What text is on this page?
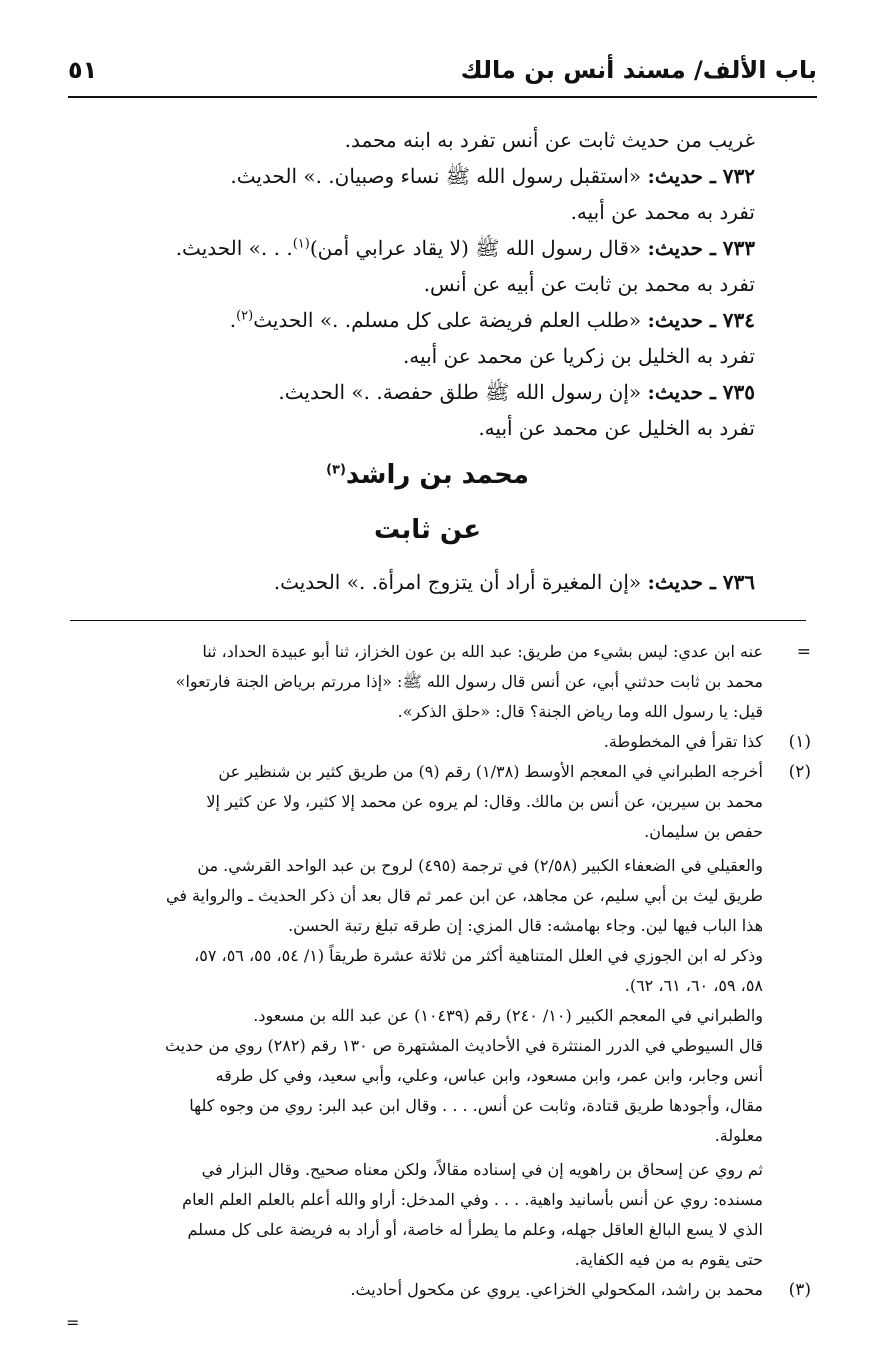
باب الألف/ مسند أنس بن مالك
٥١
غريب من حديث ثابت عن أنس تفرد به ابنه محمد.
٧٣٢ ـ حديث: «استقبل رسول الله ﷺ نساء وصبيان. .» الحديث.
تفرد به محمد عن أبيه.
٧٣٣ ـ حديث: «قال رسول الله ﷺ (لا يقاد عرابي أمن)$^{(١)}$. . .» الحديث.
تفرد به محمد بن ثابت عن أبيه عن أنس.
٧٣٤ ـ حديث: «طلب العلم فريضة على كل مسلم. .» الحديث$^{(٢)}$.
تفرد به الخليل بن زكريا عن محمد عن أبيه.
٧٣٥ ـ حديث: «إن رسول الله ﷺ طلق حفصة. .» الحديث.
تفرد به الخليل عن محمد عن أبيه.
محمد بن راشد$^{(٣)}$
عن ثابت
٧٣٦ ـ حديث: «إن المغيرة أراد أن يتزوج امرأة. .» الحديث.
=
عنه ابن عدي: ليس بشيء من طريق: عبد الله بن عون الخزاز، ثنا أبو عبيدة الحداد، ثنا
محمد بن ثابت حدثني أبي، عن أنس قال رسول الله ﷺ: «إذا مررتم برياض الجنة فارتعوا»
قيل: يا رسول الله وما رياض الجنة؟ قال: «حلق الذكر».
(١)
كذا تقرأ في المخطوطة.
(٢)
أخرجه الطبراني في المعجم الأوسط (١/٣٨) رقم (٩) من طريق كثير بن شنظير عن
محمد بن سيرين، عن أنس بن مالك. وقال: لم يروه عن محمد إلا كثير، ولا عن كثير إلا
حفص بن سليمان.
والعقيلي في الضعفاء الكبير (٢/٥٨) في ترجمة (٤٩٥) لروح بن عبد الواحد القرشي. من
طريق ليث بن أبي سليم، عن مجاهد، عن ابن عمر ثم قال بعد أن ذكر الحديث ـ والرواية في
هذا الباب فيها لين. وجاء بهامشه: قال المزي: إن طرقه تبلغ رتبة الحسن.
وذكر له ابن الجوزي في العلل المتناهية أكثر من ثلاثة عشرة طريقاً (١/ ٥٤، ٥٥، ٥٦، ٥٧،
٥٨، ٥٩، ٦٠، ٦١، ٦٢).
والطبراني في المعجم الكبير (١٠/ ٢٤٠) رقم (١٠٤٣٩) عن عبد الله بن مسعود.
قال السيوطي في الدرر المنتثرة في الأحاديث المشتهرة ص ١٣٠ رقم (٢٨٢) روي من حديث
أنس وجابر، وابن عمر، وابن مسعود، وابن عباس، وعلي، وأبي سعيد، وفي كل طرقه
مقال، وأجودها طريق قتادة، وثابت عن أنس. . . . وقال ابن عبد البر: روي من وجوه كلها
معلولة.
ثم روي عن إسحاق بن راهويه إن في إسناده مقالاً، ولكن معناه صحيح. وقال البزار في
مسنده: روي عن أنس بأسانيد واهية. . . . وفي المدخل: أراو والله أعلم بالعلم العلم العام
الذي لا يسع البالغ العاقل جهله، وعلم ما يطرأ له خاصة، أو أراد به فريضة على كل مسلم
حتى يقوم به من فيه الكفاية.
(٣)
محمد بن راشد، المكحولي الخزاعي. يروي عن مكحول أحاديث.
=
